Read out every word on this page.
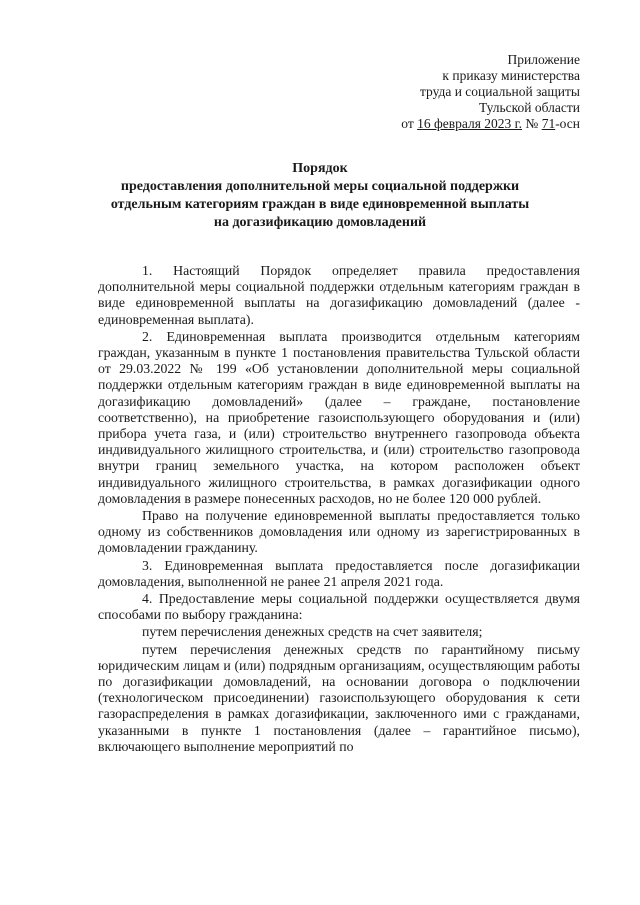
Приложение
к приказу министерства
труда и социальной защиты
Тульской области
от 16 февраля 2023 г. № 71-осн
Порядок
предоставления дополнительной меры социальной поддержки
отдельным категориям граждан в виде единовременной выплаты
на догазификацию домовладений

1. Настоящий Порядок определяет правила предоставления дополнительной меры социальной поддержки отдельным категориям граждан в виде единовременной выплаты на догазификацию домовладений (далее - единовременная выплата).

2. Единовременная выплата производится отдельным категориям граждан, указанным в пункте 1 постановления правительства Тульской области от 29.03.2022 № 199 «Об установлении дополнительной меры социальной поддержки отдельным категориям граждан в виде единовременной выплаты на догазификацию домовладений» (далее – граждане, постановление соответственно), на приобретение газоиспользующего оборудования и (или) прибора учета газа, и (или) строительство внутреннего газопровода объекта индивидуального жилищного строительства, и (или) строительство газопровода внутри границ земельного участка, на котором расположен объект индивидуального жилищного строительства, в рамках догазификации одного домовладения в размере понесенных расходов, но не более 120 000 рублей.

Право на получение единовременной выплаты предоставляется только одному из собственников домовладения или одному из зарегистрированных в домовладении гражданину.

3. Единовременная выплата предоставляется после догазификации домовладения, выполненной не ранее 21 апреля 2021 года.

4. Предоставление меры социальной поддержки осуществляется двумя способами по выбору гражданина:

путем перечисления денежных средств на счет заявителя;

путем перечисления денежных средств по гарантийному письму юридическим лицам и (или) подрядным организациям, осуществляющим работы по догазификации домовладений, на основании договора о подключении (технологическом присоединении) газоиспользующего оборудования к сети газораспределения в рамках догазификации, заключенного ими с гражданами, указанными в пункте 1 постановления (далее – гарантийное письмо), включающего выполнение мероприятий по
